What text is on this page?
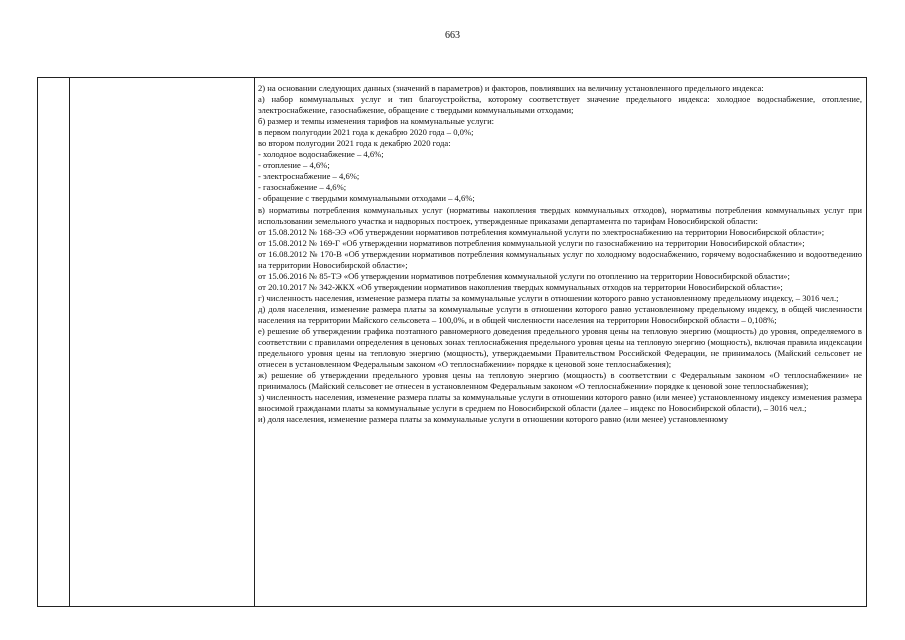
663

2) на основании следующих данных (значений в параметров) и факторов, повлиявших на величину установленного предельного индекса:

а) набор коммунальных услуг и тип благоустройства, которому соответствует значение предельного индекса: холодное водоснабжение, отопление, электроснабжение, газоснабжение, обращение с твердыми коммунальными отходами;

б) размер и темпы изменения тарифов на коммунальные услуги:

в первом полугодии 2021 года к декабрю 2020 года – 0,0%;

во втором полугодии 2021 года к декабрю 2020 года:

- холодное водоснабжение – 4,6%;

- отопление – 4,6%;

- электроснабжение – 4,6%;

- газоснабжение – 4,6%;

- обращение с твердыми коммунальными отходами – 4,6%;

в) нормативы потребления коммунальных услуг (нормативы накопления твердых коммунальных отходов), нормативы потребления коммунальных услуг при использовании земельного участка и надворных построек, утвержденные приказами департамента по тарифам Новосибирской области:

от 15.08.2012 № 168-ЭЭ «Об утверждении нормативов потребления коммунальной услуги по электроснабжению на территории Новосибирской области»;

от 15.08.2012 № 169-Г «Об утверждении нормативов потребления коммунальной услуги по газоснабжению на территории Новосибирской области»;

от 16.08.2012 № 170-В «Об утверждении нормативов потребления коммунальных услуг по холодному водоснабжению, горячему водоснабжению и водоотведению на территории Новосибирской области»;

от 15.06.2016 № 85-ТЭ «Об утверждении нормативов потребления коммунальной услуги по отоплению на территории Новосибирской области»;

от 20.10.2017 № 342-ЖКХ «Об утверждении нормативов накопления твердых коммунальных отходов на территории Новосибирской области»;

г) численность населения, изменение размера платы за коммунальные услуги в отношении которого равно установленному предельному индексу, – 3016 чел.;

д) доля населения, изменение размера платы за коммунальные услуги в отношении которого равно установленному предельному индексу, в общей численности населения на территории Майского сельсовета – 100,0%, и в общей численности населения на территории Новосибирской области – 0,108%;

е) решение об утверждении графика поэтапного равномерного доведения предельного уровня цены на тепловую энергию (мощность) до уровня, определяемого в соответствии с правилами определения в ценовых зонах теплоснабжения предельного уровня цены на тепловую энергию (мощность), включая правила индексации предельного уровня цены на тепловую энергию (мощность), утверждаемыми Правительством Российской Федерации, не принималось (Майский сельсовет не отнесен в установленном Федеральным законом «О теплоснабжении» порядке к ценовой зоне теплоснабжения);

ж) решение об утверждении предельного уровня цены на тепловую энергию (мощность) в соответствии с Федеральным законом «О теплоснабжении» не принималось (Майский сельсовет не отнесен в установленном Федеральным законом «О теплоснабжении» порядке к ценовой зоне теплоснабжения);

з) численность населения, изменение размера платы за коммунальные услуги в отношении которого равно (или менее) установленному индексу изменения размера вносимой гражданами платы за коммунальные услуги в среднем по Новосибирской области (далее – индекс по Новосибирской области), – 3016 чел.;

и) доля населения, изменение размера платы за коммунальные услуги в отношении которого равно (или менее) установленному
